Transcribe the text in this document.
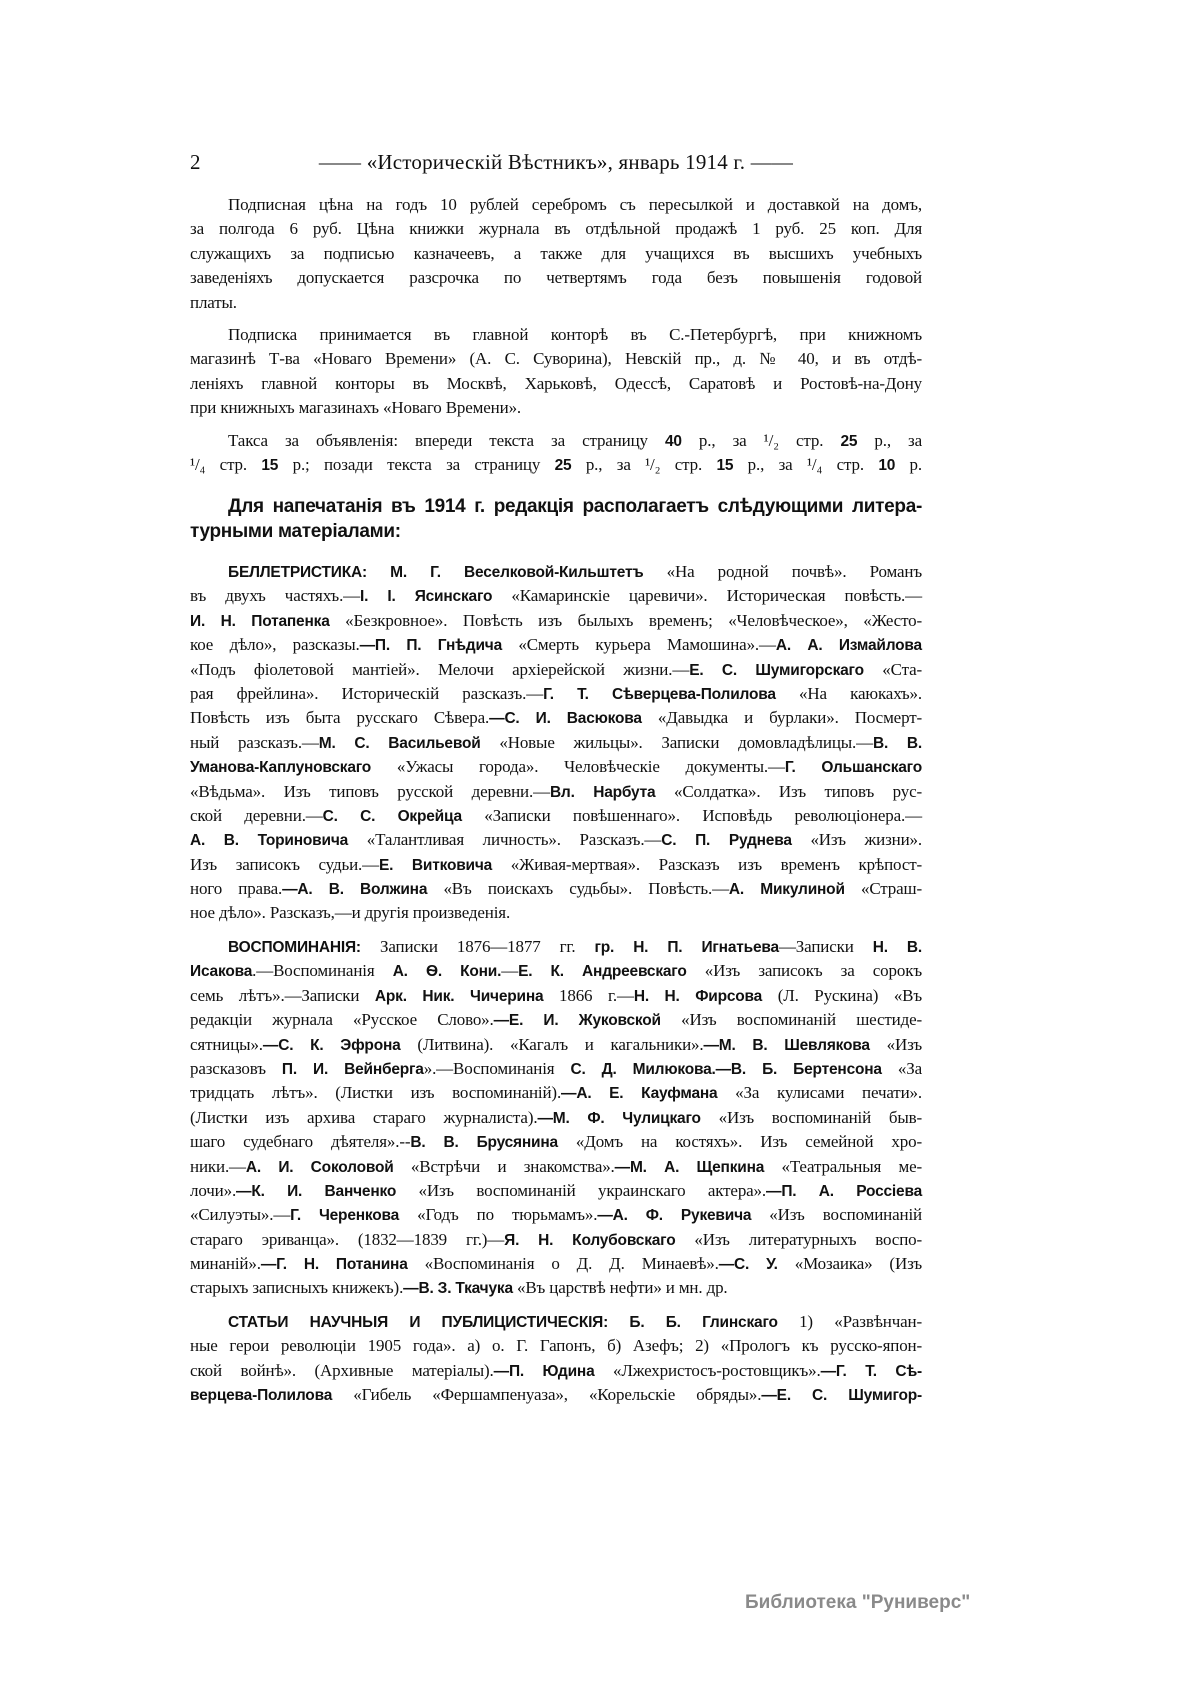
—— «Историческій Вѣстникъ», январь 1914 г. ——
2
Подписная цѣна на годъ 10 рублей серебромъ съ пересылкой и доставкой на домъ,
за полгода 6 руб. Цѣна книжки журнала въ отдѣльной продажѣ 1 руб. 25 коп. Для
служащихъ за подписью казначеевъ, а также для учащихся въ высшихъ учебныхъ
заведеніяхъ допускается разсрочка по четвертямъ года безъ повышенія годовой
платы.
Подписка принимается въ главной конторѣ въ С.-Петербургѣ, при книжномъ
магазинѣ Т-ва «Новаго Времени» (А. С. Суворина), Невскій пр., д. № 40, и въ отдѣ-
леніяхъ главной конторы въ Москвѣ, Харьковѣ, Одессѣ, Саратовѣ и Ростовѣ-на-Дону
при книжныхъ магазинахъ «Новаго Времени».
Такса за объявленія: впереди текста за страницу 40 р., за ¹/₂ стр. 25 р., за
¹/₄ стр. 15 р.; позади текста за страницу 25 р., за ¹/₂ стр. 15 р., за ¹/₄ стр. 10 р.
Для напечатанія въ 1914 г. редакція располагаетъ слѣдующими литера-
турными матеріалами:
БЕЛЛЕТРИСТИКА: М. Г. Веселковой-Кильштетъ «На родной почвѣ». Романъ
въ двухъ частяхъ.—І. І. Ясинскаго «Камаринскіе царевичи». Историческая повѣсть.—
И. Н. Потапенка «Безкровное». Повѣсть изъ былыхъ временъ; «Человѣческое», «Жесто-
кое дѣло», разсказы.—П. П. Гнѣдича «Смерть курьера Мамошина».—А. А. Измайлова
«Подъ фіолетовой мантіей». Мелочи архіерейской жизни.—Е. С. Шумигорскаго «Ста-
рая фрейлина». Историческій разсказъ.—Г. Т. Сѣверцева-Полилова «На каюкахъ».
Повѣсть изъ быта русскаго Сѣвера.—С. И. Васюкова «Давыдка и бурлаки». Посмерт-
ный разсказъ.—М. С. Васильевой «Новые жильцы». Записки домовладѣлицы.—В. В.
Уманова-Каплуновскаго «Ужасы города». Человѣческіе документы.—Г. Ольшанскаго
«Вѣдьма». Изъ типовъ русской деревни.—Вл. Нарбута «Солдатка». Изъ типовъ рус-
ской деревни.—С. С. Окрейца «Записки повѣшеннаго». Исповѣдь революціонера.—
А. В. Ториновича «Талантливая личность». Разсказъ.—С. П. Руднева «Изъ жизни».
Изъ записокъ судьи.—Е. Витковича «Живая-мертвая». Разсказъ изъ временъ крѣпост-
ного права.—А. В. Волжина «Въ поискахъ судьбы». Повѣсть.—А. Микулиной «Страш-
ное дѣло». Разсказъ,—и другія произведенія.
ВОСПОМИНАНІЯ: Записки 1876—1877 гг. гр. Н. П. Игнатьева—Записки Н. В.
Исакова.—Воспоминанія А. Ѳ. Кони.—Е. К. Андреевскаго «Изъ записокъ за сорокъ
семь лѣтъ».—Записки Арк. Ник. Чичерина 1866 г.—Н. Н. Фирсова (Л. Рускина) «Въ
редакціи журнала «Русское Слово».—Е. И. Жуковской «Изъ воспоминаній шестиде-
сятницы».—С. К. Эфрона (Литвина). «Кагалъ и кагальники».—М. В. Шевлякова «Изъ
разсказовъ П. И. Вейнберга».—Воспоминанія С. Д. Милюкова.—В. Б. Бертенсона «За
тридцать лѣтъ». (Листки изъ воспоминаній).—А. Е. Кауфмана «За кулисами печати».
(Листки изъ архива стараго журналиста).—М. Ф. Чулицкаго «Изъ воспоминаній быв-
шаго судебнаго дѣятеля».--В. В. Брусянина «Домъ на костяхъ». Изъ семейной хро-
ники.—А. И. Соколовой «Встрѣчи и знакомства».—М. А. Щепкина «Театральныя ме-
лочи».—К. И. Ванченко «Изъ воспоминаній украинскаго актера».—П. А. Россіева
«Силуэты».—Г. Черенкова «Годъ по тюрьмамъ».—А. Ф. Рукевича «Изъ воспоминаній
стараго эриванца». (1832—1839 гг.)—Я. Н. Колубовскаго «Изъ литературныхъ воспо-
минаній».—Г. Н. Потанина «Воспоминанія о Д. Д. Минаевѣ».—С. У. «Мозаика» (Изъ
старыхъ записныхъ книжекъ).—В. З. Ткачука «Въ царствѣ нефти» и мн. др.
СТАТЬИ НАУЧНЫЯ И ПУБЛИЦИСТИЧЕСКІЯ: Б. Б. Глинскаго 1) «Развѣнчан-
ные герои революціи 1905 года». а) о. Г. Гапонъ, б) Азефъ; 2) «Прологъ къ русско-япон-
ской войнѣ». (Архивные матеріалы).—П. Юдина «Лжехристосъ-ростовщикъ».—Г. Т. Сѣ-
верцева-Полилова «Гибель «Фершампенуаза», «Корельскіе обряды».—Е. С. Шумигор-
Библиотека "Руниверс"
